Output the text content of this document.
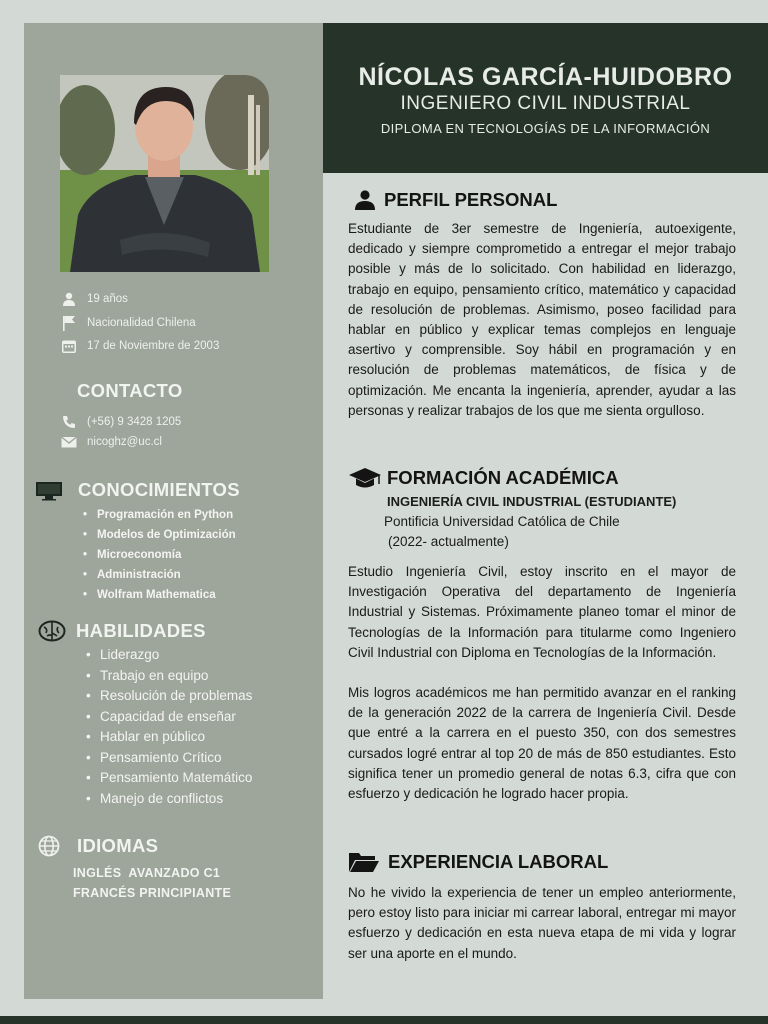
NÍCOLAS GARCÍA-HUIDOBRO
INGENIERO CIVIL INDUSTRIAL
DIPLOMA EN TECNOLOGÍAS DE LA INFORMACIÓN
19 años
Nacionalidad Chilena
17 de Noviembre de 2003
CONTACTO
(+56) 9 3428 1205
nicoghz@uc.cl
CONOCIMIENTOS
• Programación en Python
• Modelos de Optimización
• Microeconomía
• Administración
• Wolfram Mathematica
HABILIDADES
• Liderazgo
• Trabajo en equipo
• Resolución de problemas
• Capacidad de enseñar
• Hablar en público
• Pensamiento Crítico
• Pensamiento Matemático
• Manejo de conflictos
IDIOMAS
INGLÉS  AVANZADO C1
FRANCÉS PRINCIPIANTE
PERFIL PERSONAL

Estudiante de 3er semestre de Ingeniería, autoexigente, dedicado y siempre comprometido a entregar el mejor trabajo posible y más de lo solicitado. Con habilidad en liderazgo, trabajo en equipo, pensamiento crítico, matemático y capacidad de resolución de problemas. Asimismo, poseo facilidad para hablar en público y explicar temas complejos en lenguaje asertivo y comprensible. Soy hábil en programación y en resolución de problemas matemáticos, de física y de optimización. Me encanta la ingeniería, aprender, ayudar a las personas y realizar trabajos de los que me sienta orgulloso.

FORMACIÓN ACADÉMICA
INGENIERÍA CIVIL INDUSTRIAL (ESTUDIANTE)
Pontificia Universidad Católica de Chile
(2022- actualmente)

Estudio Ingeniería Civil, estoy inscrito en el mayor de Investigación Operativa del departamento de Ingeniería Industrial y Sistemas. Próximamente planeo tomar el minor de Tecnologías de la Información para titularme como Ingeniero Civil Industrial con Diploma en Tecnologías de la Información.

Mis logros académicos me han permitido avanzar en el ranking de la generación 2022 de la carrera de Ingeniería Civil. Desde que entré a la carrera en el puesto 350, con dos semestres cursados logré entrar al top 20 de más de 850 estudiantes. Esto significa tener un promedio general de notas 6.3, cifra que con esfuerzo y dedicación he logrado hacer propia.

EXPERIENCIA LABORAL

No he vivido la experiencia de tener un empleo anteriormente, pero estoy listo para iniciar mi carrear laboral, entregar mi mayor esfuerzo y dedicación en esta nueva etapa de mi vida y lograr ser una aporte en el mundo.
